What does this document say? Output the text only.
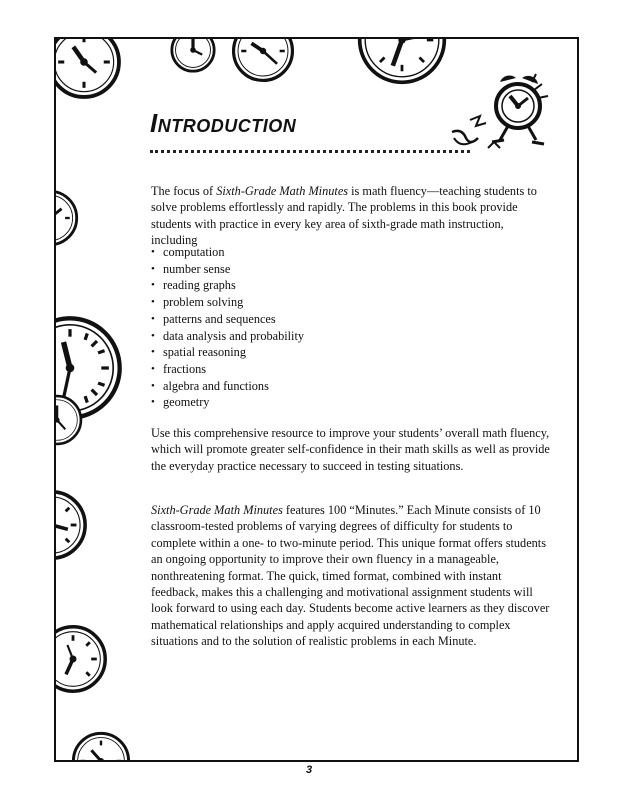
Introduction

The focus of Sixth-Grade Math Minutes is math fluency—teaching students to solve problems effortlessly and rapidly. The problems in this book provide students with practice in every key area of sixth-grade math instruction, including

• computation
• number sense
• reading graphs
• problem solving
• patterns and sequences
• data analysis and probability
• spatial reasoning
• fractions
• algebra and functions
• geometry

Use this comprehensive resource to improve your students’ overall math fluency, which will promote greater self-confidence in their math skills as well as provide the everyday practice necessary to succeed in testing situations.

Sixth-Grade Math Minutes features 100 “Minutes.” Each Minute consists of 10 classroom-tested problems of varying degrees of difficulty for students to complete within a one- to two-minute period. This unique format offers students an ongoing opportunity to improve their own fluency in a manageable, nonthreatening format. The quick, timed format, combined with instant feedback, makes this a challenging and motivational assignment students will look forward to using each day. Students become active learners as they discover mathematical relationships and apply acquired understanding to complex situations and to the solution of realistic problems in each Minute.

3
